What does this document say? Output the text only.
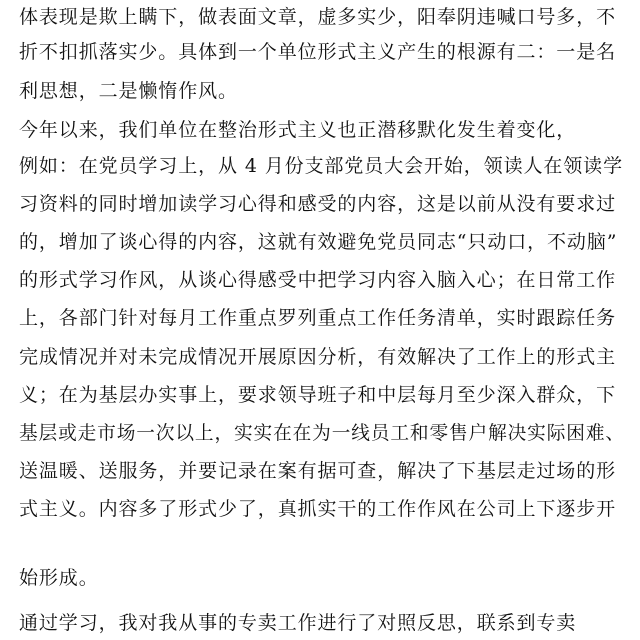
体表现是欺上瞒下，做表面文章，虚多实少，阳奉阴违喊口号多，不
折不扣抓落实少。具体到一个单位形式主义产生的根源有二：一是名
利思想，二是懒惰作风。
今年以来，我们单位在整治形式主义也正潜移默化发生着变化，
例如：在党员学习上，从 4 月份支部党员大会开始，领读人在领读学
习资料的同时增加读学习心得和感受的内容，这是以前从没有要求过
的，增加了谈心得的内容，这就有效避免党员同志“只动口，不动脑”
的形式学习作风，从谈心得感受中把学习内容入脑入心；在日常工作
上，各部门针对每月工作重点罗列重点工作任务清单，实时跟踪任务
完成情况并对未完成情况开展原因分析，有效解决了工作上的形式主
义；在为基层办实事上，要求领导班子和中层每月至少深入群众，下
基层或走市场一次以上，实实在在为一线员工和零售户解决实际困难、
送温暖、送服务，并要记录在案有据可查，解决了下基层走过场的形
式主义。内容多了形式少了，真抓实干的工作作风在公司上下逐步开
始形成。
通过学习，我对我从事的专卖工作进行了对照反思，联系到专卖
